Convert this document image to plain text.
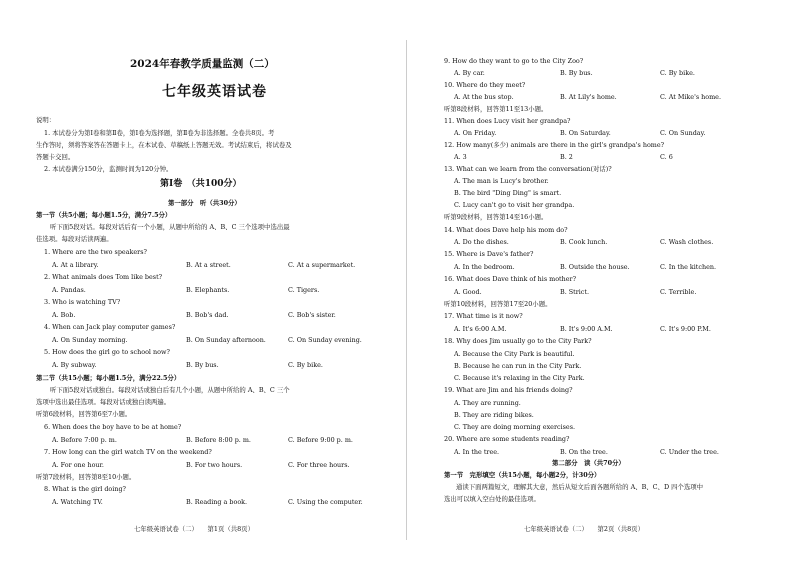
2024年春教学质量监测（二）
七年级英语试卷
说明：
1. 本试卷分为第Ⅰ卷和第Ⅱ卷，第Ⅰ卷为选择题，第Ⅱ卷为非选择题。全卷共8页。考
生作答时，须将答案答在答题卡上，在本试卷、草稿纸上答题无效。考试结束后，将试卷及
答题卡交回。
2. 本试卷满分150分，监测时间为120分钟。
第Ⅰ卷　（共100分）
第一部分　听（共30分）
第一节（共5小题；每小题1.5分，满分7.5分）
听下面5段对话。每段对话后有一个小题，从题中所给的 A、B、C 三个选项中选出最
佳选项。每段对话读两遍。
1. Where are the two speakers?
A. At a library.	B. At a street.	C. At a supermarket.
2. What animals does Tom like best?
A. Pandas.	B. Elephants.	C. Tigers.
3. Who is watching TV?
A. Bob.	B. Bob's dad.	C. Bob's sister.
4. When can Jack play computer games?
A. On Sunday morning.	B. On Sunday afternoon.	C. On Sunday evening.
5. How does the girl go to school now?
A. By subway.	B. By bus.	C. By bike.
第二节（共15小题；每小题1.5分，满分22.5分）
听下面5段对话或独白。每段对话或独白后有几个小题，从题中所给的 A、B、C 三个
选项中选出最佳选项。每段对话或独白读两遍。
听第6段材料，回答第6至7小题。
6. When does the boy have to be at home?
A. Before 7:00 p. m.	B. Before 8:00 p. m.	C. Before 9:00 p. m.
7. How long can the girl watch TV on the weekend?
A. For one hour.	B. For two hours.	C. For three hours.
听第7段材料，回答第8至10小题。
8. What is the girl doing?
A. Watching TV.	B. Reading a book.	C. Using the computer.
七年级英语试卷（二）　　第1页（共8页）
9. How do they want to go to the City Zoo?
A. By car.	B. By bus.	C. By bike.
10. Where do they meet?
A. At the bus stop.	B. At Lily's home.	C. At Mike's home.
听第8段材料，回答第11至13小题。
11. When does Lucy visit her grandpa?
A. On Friday.	B. On Saturday.	C. On Sunday.
12. How many(多少) animals are there in the girl's grandpa's home?
A. 3	B. 2	C. 6
13. What can we learn from the conversation(对话)?
A. The man is Lucy's brother.
B. The bird "Ding Ding" is smart.
C. Lucy can't go to visit her grandpa.
听第9段材料，回答第14至16小题。
14. What does Dave help his mom do?
A. Do the dishes.	B. Cook lunch.	C. Wash clothes.
15. Where is Dave's father?
A. In the bedroom.	B. Outside the house.	C. In the kitchen.
16. What does Dave think of his mother?
A. Good.	B. Strict.	C. Terrible.
听第10段材料，回答第17至20小题。
17. What time is it now?
A. It's 6:00 A.M.	B. It's 9:00 A.M.	C. It's 9:00 P.M.
18. Why does Jim usually go to the City Park?
A. Because the City Park is beautiful.
B. Because he can run in the City Park.
C. Because it's relaxing in the City Park.
19. What are Jim and his friends doing?
A. They are running.
B. They are riding bikes.
C. They are doing morning exercises.
20. Where are some students reading?
A. In the tree.	B. On the tree.	C. Under the tree.
第二部分　读（共70分）
第一节　完形填空（共15小题，每小题2分，计30分）
通读下面两篇短文，理解其大意，然后从短文后面各题所给的 A、B、C、D 四个选项中
选出可以填入空白处的最佳选项。
七年级英语试卷（二）　　第2页（共8页）
